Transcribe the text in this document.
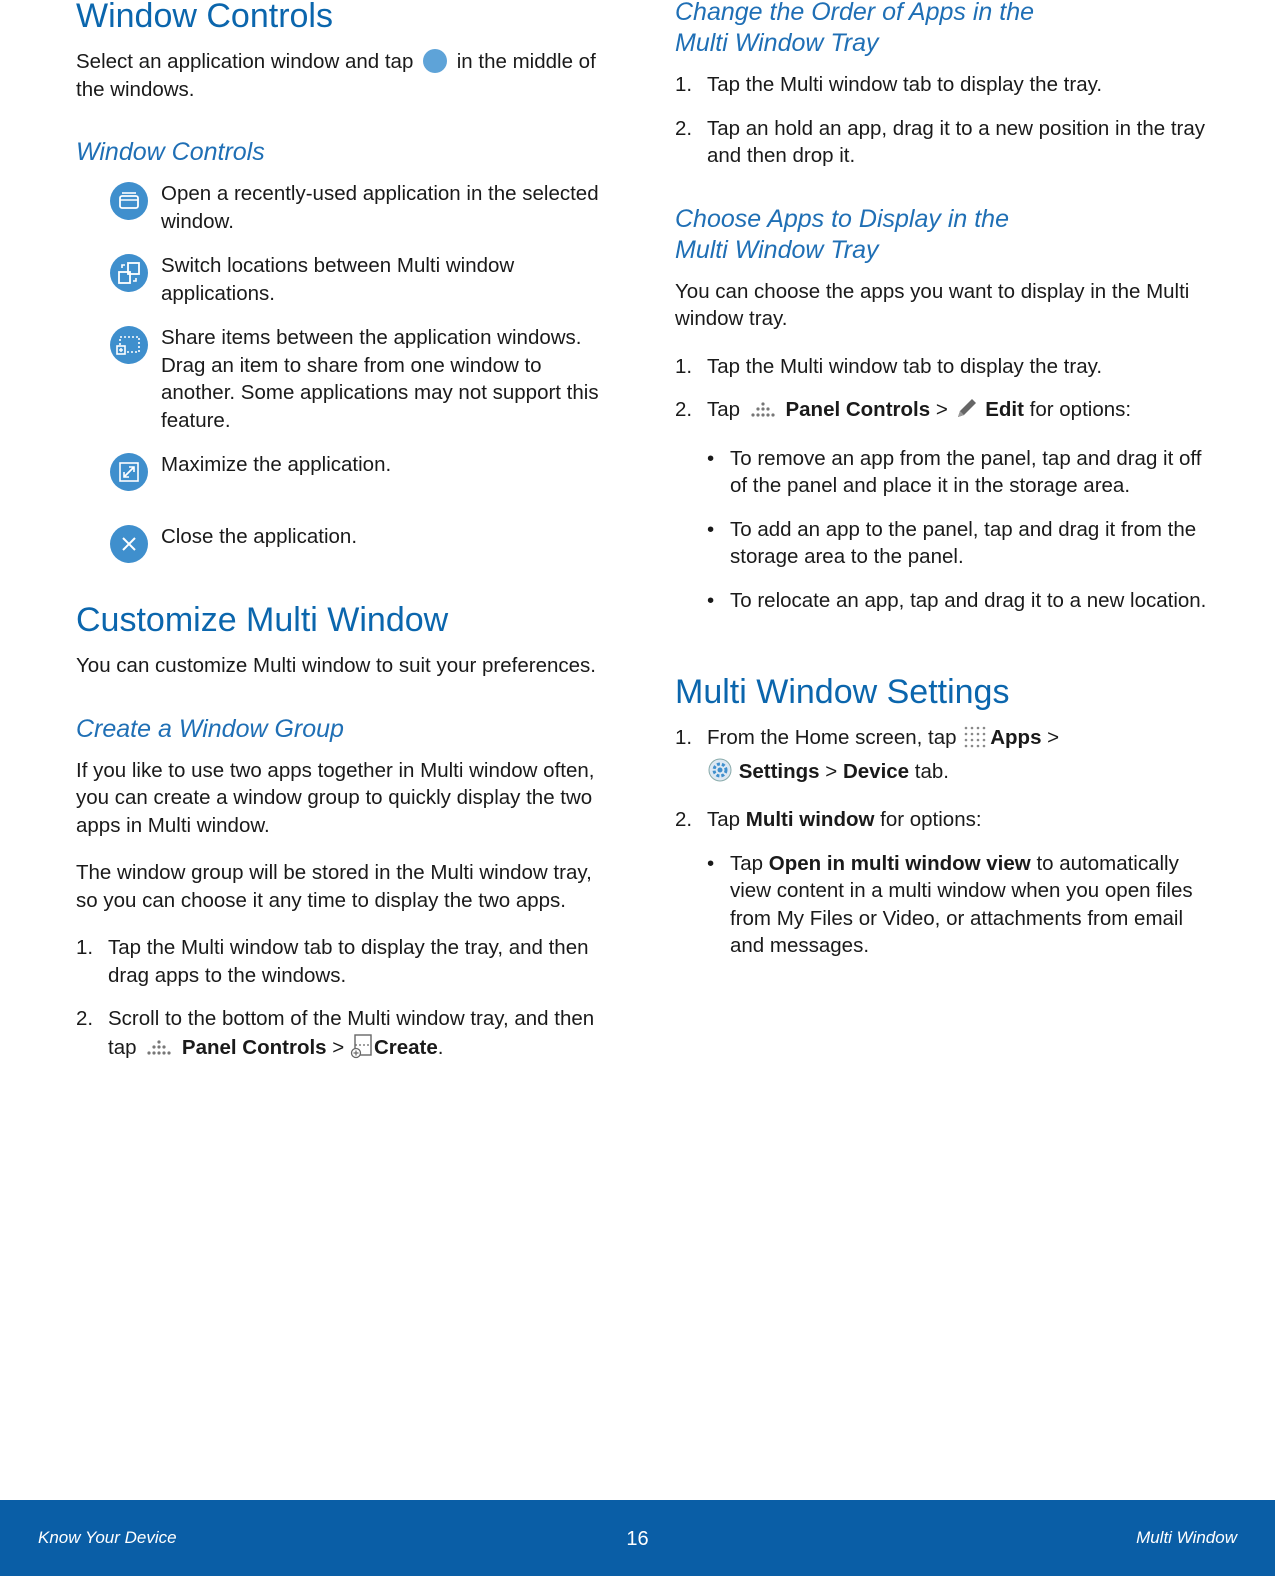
Window Controls

Select an application window and tap in the middle of the windows.

Window Controls

Open a recently-used application in the selected window.

Switch locations between Multi window applications.

Share items between the application windows. Drag an item to share from one window to another. Some applications may not support this feature.

Maximize the application.

Close the application.

Customize Multi Window

You can customize Multi window to suit your preferences.

Create a Window Group

If you like to use two apps together in Multi window often, you can create a window group to quickly display the two apps in Multi window.

The window group will be stored in the Multi window tray, so you can choose it any time to display the two apps.

1. Tap the Multi window tab to display the tray, and then drag apps to the windows.
2. Scroll to the bottom of the Multi window tray, and then tap Panel Controls > Create.
Change the Order of Apps in the
Multi Window Tray
1. Tap the Multi window tab to display the tray.
2. Tap an hold an app, drag it to a new position in the tray and then drop it.
Choose Apps to Display in the
Multi Window Tray

You can choose the apps you want to display in the Multi window tray.

1. Tap the Multi window tab to display the tray.
2. Tap Panel Controls > Edit for options:
• To remove an app from the panel, tap and drag it off of the panel and place it in the storage area.
• To add an app to the panel, tap and drag it from the storage area to the panel.
• To relocate an app, tap and drag it to a new location.
Multi Window Settings
1. From the Home screen, tap Apps >
Settings > Device tab.
2. Tap Multi window for options:
• Tap Open in multi window view to automatically view content in a multi window when you open files from My Files or Video, or attachments from email and messages.
Know Your Device	16	Multi Window
